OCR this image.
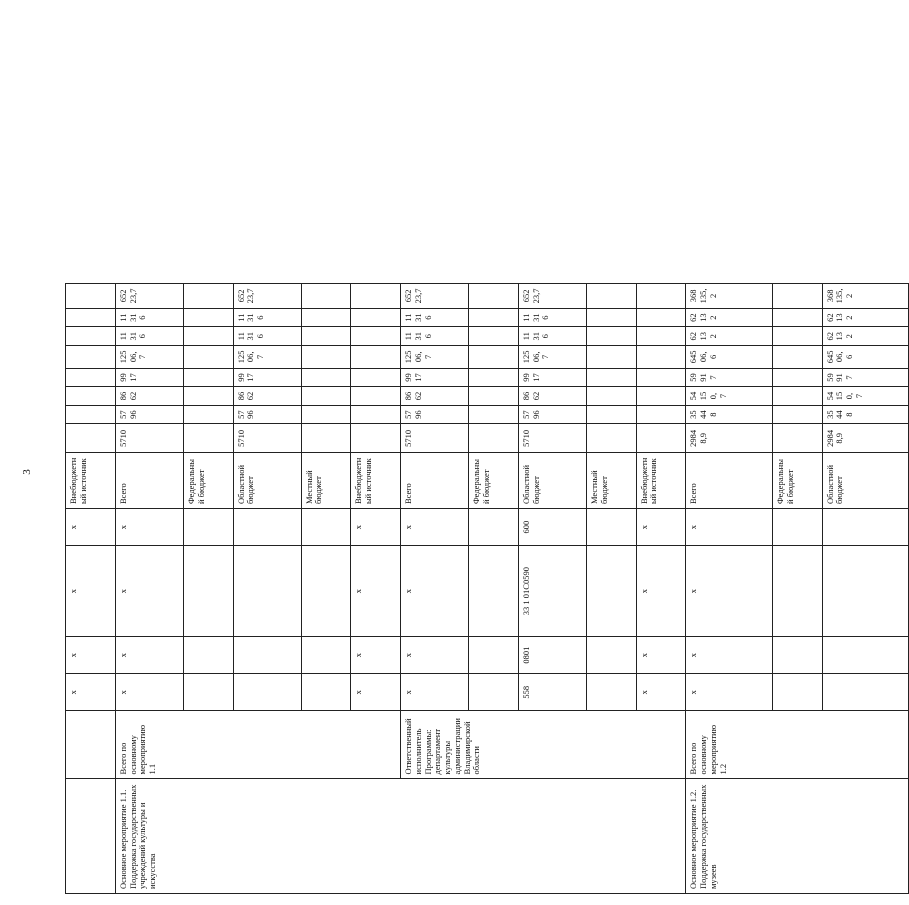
3
		x	x	x	x	Внебюджетный источник								
Основное мероприятие 1.1. Поддержка государственных учреждений культуры и искусства	Всего по основному мероприятию 1.1	x	x	x	x	Всего	5710	5796	8662	9917	12506,7	11316	11316	65223,7
						Федеральный бюджет								
						Областной бюджет	5710	5796	8662	9917	12506,7	11316	11316	65223,7
						Местный бюджет								
		x	x	x	x	Внебюджетный источник								
	Ответственный исполнитель Программы: департамент культуры администрации Владимирской области	x	x	x	x	Всего	5710	5796	8662	9917	12506,7	11316	11316	65223,7
						Федеральный бюджет								
		558	0801	33 1 01С0590	600	Областной бюджет	5710	5796	8662	9917	12506,7	11316	11316	65223,7
						Местный бюджет								
		x	x	x	x	Внебюджетный источник								
Основное мероприятие 1.2. Поддержка государственных музеев	Всего по основному мероприятию 1.2	x	x	x	x	Всего	29848,9	35448	54150,7	59917	64506,6	62132	62132	368135,2
						Федеральный бюджет								
						Областной бюджет	29848,9	35448	54150,7	59917	64506,6	62132	62132	368135,2
